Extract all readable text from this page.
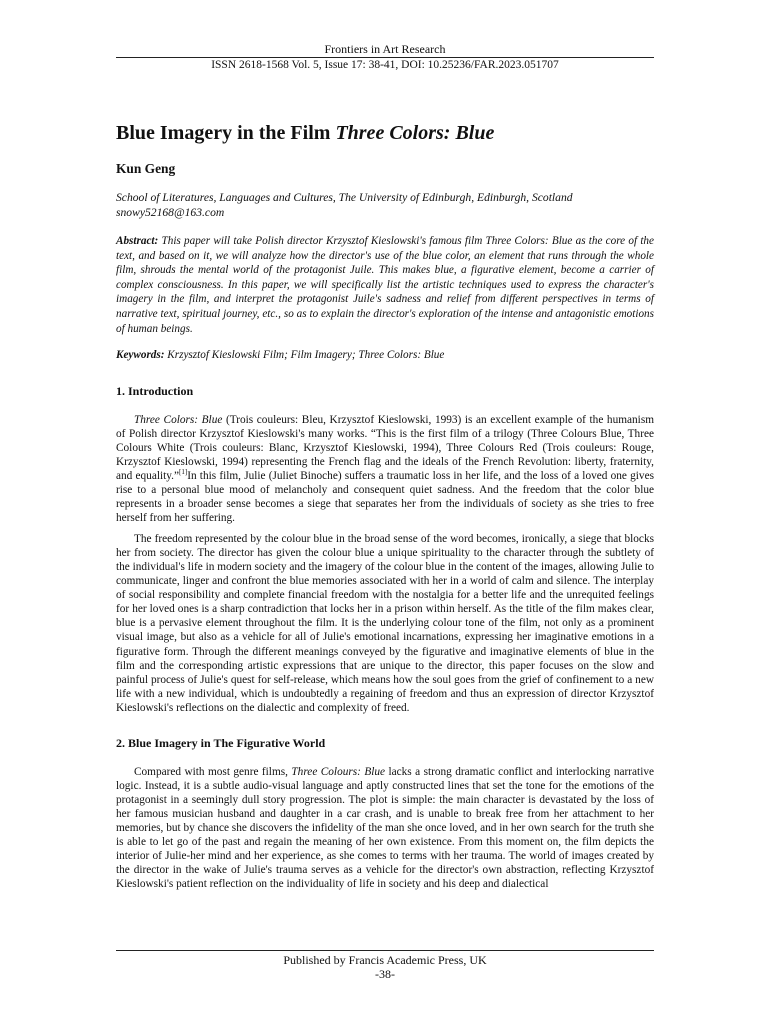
Frontiers in Art Research
ISSN 2618-1568 Vol. 5, Issue 17: 38-41, DOI: 10.25236/FAR.2023.051707
Blue Imagery in the Film Three Colors: Blue
Kun Geng
School of Literatures, Languages and Cultures, The University of Edinburgh, Edinburgh, Scotland
snowy52168@163.com
Abstract: This paper will take Polish director Krzysztof Kieslowski's famous film Three Colors: Blue as the core of the text, and based on it, we will analyze how the director's use of the blue color, an element that runs through the whole film, shrouds the mental world of the protagonist Juile. This makes blue, a figurative element, become a carrier of complex consciousness. In this paper, we will specifically list the artistic techniques used to express the character's imagery in the film, and interpret the protagonist Juile's sadness and relief from different perspectives in terms of narrative text, spiritual journey, etc., so as to explain the director's exploration of the intense and antagonistic emotions of human beings.
Keywords: Krzysztof Kieslowski Film; Film Imagery; Three Colors: Blue
1. Introduction

Three Colors: Blue (Trois couleurs: Bleu, Krzysztof Kieslowski, 1993) is an excellent example of the humanism of Polish director Krzysztof Kieslowski's many works. “This is the first film of a trilogy (Three Colours Blue, Three Colours White (Trois couleurs: Blanc, Krzysztof Kieslowski, 1994), Three Colours Red (Trois couleurs: Rouge, Krzysztof Kieslowski, 1994) representing the French flag and the ideals of the French Revolution: liberty, fraternity, and equality.”[1]In this film, Julie (Juliet Binoche) suffers a traumatic loss in her life, and the loss of a loved one gives rise to a personal blue mood of melancholy and consequent quiet sadness. And the freedom that the color blue represents in a broader sense becomes a siege that separates her from the individuals of society as she tries to free herself from her suffering.

The freedom represented by the colour blue in the broad sense of the word becomes, ironically, a siege that blocks her from society. The director has given the colour blue a unique spirituality to the character through the subtlety of the individual's life in modern society and the imagery of the colour blue in the content of the images, allowing Julie to communicate, linger and confront the blue memories associated with her in a world of calm and silence. The interplay of social responsibility and complete financial freedom with the nostalgia for a better life and the unrequited feelings for her loved ones is a sharp contradiction that locks her in a prison within herself. As the title of the film makes clear, blue is a pervasive element throughout the film. It is the underlying colour tone of the film, not only as a prominent visual image, but also as a vehicle for all of Julie's emotional incarnations, expressing her imaginative emotions in a figurative form. Through the different meanings conveyed by the figurative and imaginative elements of blue in the film and the corresponding artistic expressions that are unique to the director, this paper focuses on the slow and painful process of Julie's quest for self-release, which means how the soul goes from the grief of confinement to a new life with a new individual, which is undoubtedly a regaining of freedom and thus an expression of director Krzysztof Kieslowski's reflections on the dialectic and complexity of freed.

2. Blue Imagery in The Figurative World

Compared with most genre films, Three Colours: Blue lacks a strong dramatic conflict and interlocking narrative logic. Instead, it is a subtle audio-visual language and aptly constructed lines that set the tone for the emotions of the protagonist in a seemingly dull story progression. The plot is simple: the main character is devastated by the loss of her famous musician husband and daughter in a car crash, and is unable to break free from her attachment to her memories, but by chance she discovers the infidelity of the man she once loved, and in her own search for the truth she is able to let go of the past and regain the meaning of her own existence. From this moment on, the film depicts the interior of Julie-her mind and her experience, as she comes to terms with her trauma. The world of images created by the director in the wake of Julie's trauma serves as a vehicle for the director's own abstraction, reflecting Krzysztof Kieslowski's patient reflection on the individuality of life in society and his deep and dialectical

Published by Francis Academic Press, UK
-38-
